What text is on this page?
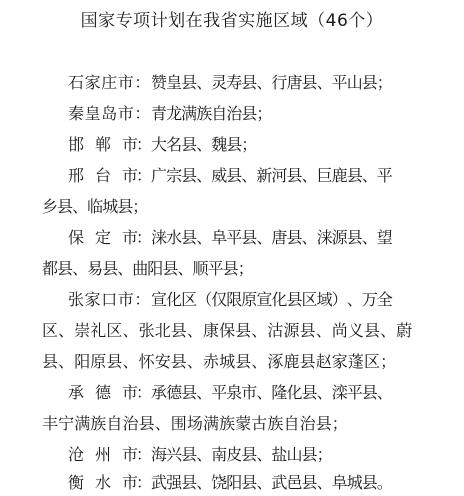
国家专项计划在我省实施区域（46个）
石 家 庄 市 ： 赞 皇
县 、
灵 寿
县 、
行 唐
县 、
平 山
县 ；
秦 皇 岛 市 ： 青 龙
满 族
自 治
县 ；
邯 郸 市
：
大 名
县 、
魏 县
；
邢 台 市
：
广 宗
县 、
威 县
、 新
河 县
、 巨
鹿 县
、 平
乡
县 、
临 城
县 ；
保 定 市
：
涞 水
县 、
阜 平
县 、
唐 县
、 涞
源 县
、 望
都
县 、
易 县
、 曲
阳 县 、
顺 平
县 ；
张 家 口 市 ： 宣 化
区 （
仅 限
原 宣
化 县
区 域
） 、
万 全
区 、 崇 礼 区 、 张 北 县 、 康 保 县 、 沽 源 县 、 尚 义 县 、 蔚
县 、 阳 原 县 、 怀 安 县 、 赤 城 县 、 涿 鹿 县 赵 家 蓬 区 ；
承 德 市
：
承 德
县 、
平 泉
市 、
隆 化
县 、
滦 平
县 、
丰 宁 满 族 自 治 县 、 围 场 满 族 蒙 古 族 自 治 县 ；
沧 州 市
：
海 兴
县 、
南 皮
县 、
盐 山
县 ；
衡 水 市
：
武 强
县 、
饶 阳
县 、
武 邑
县 、
阜 城
县 。
